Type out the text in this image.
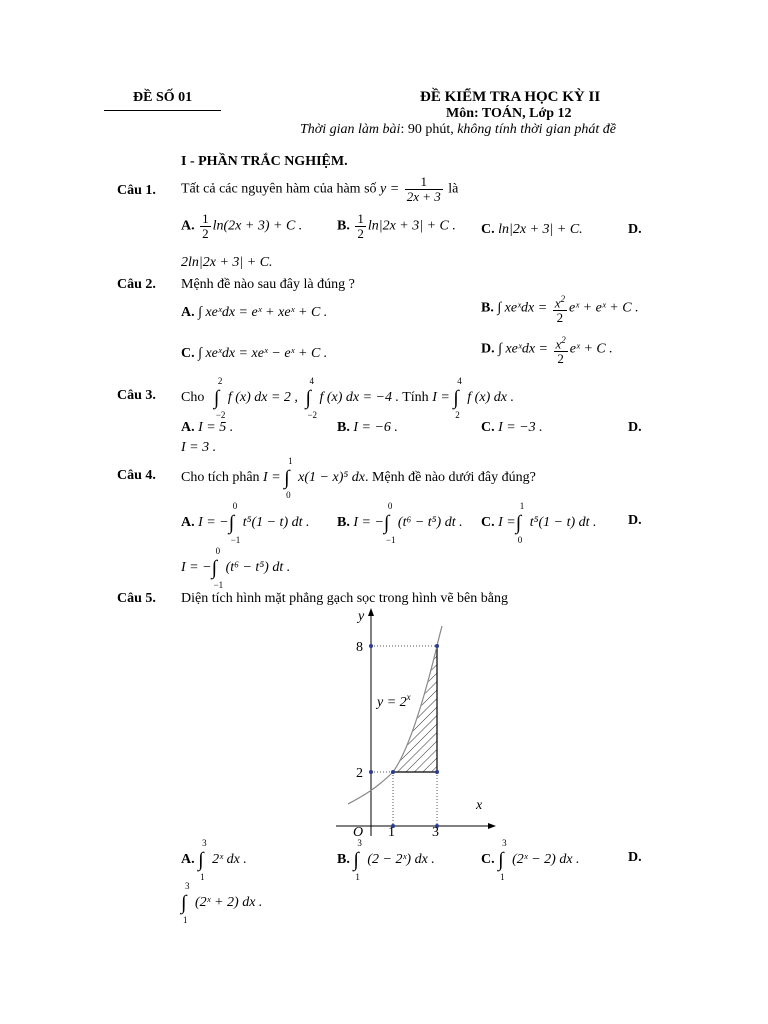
ĐỀ SỐ 01	ĐỀ KIỂM TRA HỌC KỲ II
Môn: TOÁN, Lớp 12
Thời gian làm bài: 90 phút, không tính thời gian phát đề
I - PHẦN TRẮC NGHIỆM.
Câu 1. Tất cả các nguyên hàm của hàm số $y = \frac{1}{2x + 3}$ là
A. $\frac{1}{2} \ln(2x + 3) + C$ . B. $\frac{1}{2} \ln|2x + 3| + C$ . C. ln|2x + 3| + C.	D.
2ln|2x + 3| + C.
Câu 2. Mệnh đề nào sau đây là đúng ?
A. ∫ xeˣdx = eˣ + xeˣ + C .	B. ∫ xeˣdx = $\frac{x^2}{2}$ eˣ + eˣ + C .
C. ∫ xeˣdx = xeˣ − eˣ + C .	D. ∫ xeˣdx = $\frac{x^2}{2}$ eˣ + C .
Câu 3. Cho
2
∫
−2
f (x) dx = 2 ,
4
∫
−2
f (x) dx = −4 . Tính I =
4
∫
2
f (x) dx .
A. I = 5 .	B. I = −6 .	C. I = −3 .	D.
I = 3 .
Câu 4. Cho tích phân I =
1
∫
0
x(1 − x)⁵ dx. Mệnh đề nào dưới đây đúng?
A. I = −
0
∫
−1
t⁵(1 − t) dt . B. I = −
0
∫
−1
(t⁶ − t⁵) dt . C. I =
1
∫
0
t⁵(1 − t) dt . D.
I = −
0
∫
−1
(t⁶ − t⁵) dt .
Câu 5. Diện tích hình mặt phẳng gạch sọc trong hình vẽ bên bằng
y
x
8
2
O 1	3
$y = 2^x$
A.
3
∫
1
2ˣ dx .	B.
3
∫
1
(2 − 2ˣ) dx .	C.
3
∫
1
(2ˣ − 2) dx .	D.
3
∫
1
(2ˣ + 2) dx .
